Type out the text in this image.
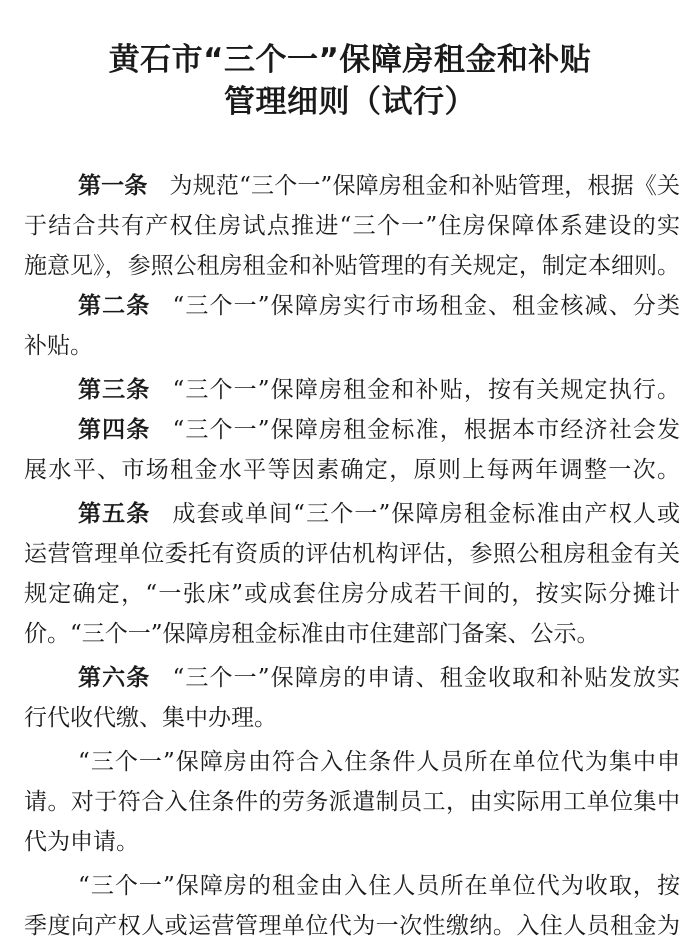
黄石市“三个一”保障房租金和补贴
管理细则（试行）
第一条 为规范“三个一”保障房租金和补贴管理，根据《关
于结合共有产权住房试点推进“三个一”住房保障体系建设的实
施意见》，参照公租房租金和补贴管理的有关规定，制定本细则。
第二条 “三个一”保障房实行市场租金、租金核减、分类
补贴。
第三条 “三个一”保障房租金和补贴，按有关规定执行。
第四条 “三个一”保障房租金标准，根据本市经济社会发
展水平、市场租金水平等因素确定，原则上每两年调整一次。
第五条 成套或单间“三个一”保障房租金标准由产权人或
运营管理单位委托有资质的评估机构评估，参照公租房租金有关
规定确定，“一张床”或成套住房分成若干间的，按实际分摊计
价。“三个一”保障房租金标准由市住建部门备案、公示。
第六条 “三个一”保障房的申请、租金收取和补贴发放实
行代收代缴、集中办理。
“三个一”保障房由符合入住条件人员所在单位代为集中申
请。对于符合入住条件的劳务派遣制员工，由实际用工单位集中
代为申请。
“三个一”保障房的租金由入住人员所在单位代为收取，按
季度向产权人或运营管理单位代为一次性缴纳。入住人员租金为
